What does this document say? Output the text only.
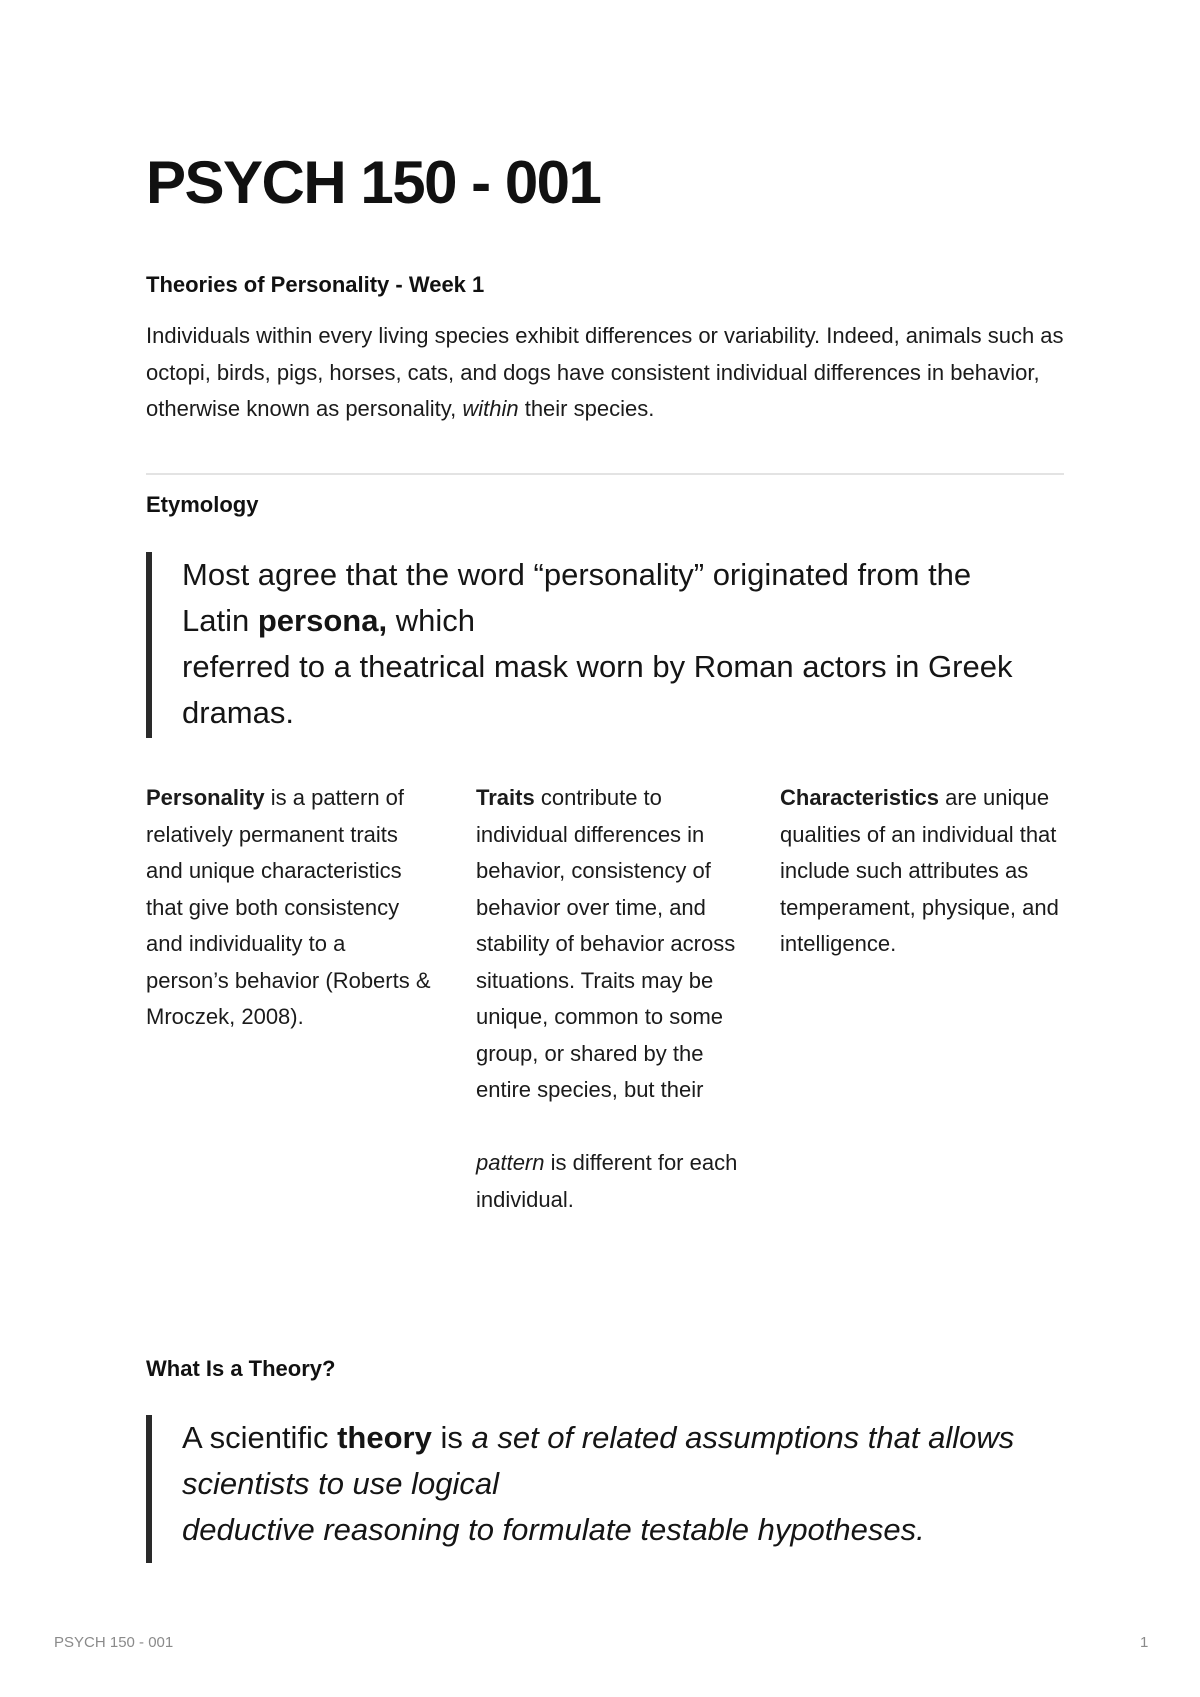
PSYCH 150 - 001

Theories of Personality - Week 1

Individuals within every living species exhibit differences or variability. Indeed, animals such as octopi, birds, pigs, horses, cats, and dogs have consistent individual differences in behavior, otherwise known as personality, within their species.

Etymology

Most agree that the word “personality” originated from the

Latin persona, which

referred to a theatrical mask worn by Roman actors in Greek dramas.

Personality is a pattern of relatively permanent traits and unique characteristics that give both consistency and individuality to a person’s behavior (Roberts & Mroczek, 2008).

Traits contribute to individual differences in behavior, consistency of behavior over time, and stability of behavior across situations. Traits may be unique, common to some group, or shared by the entire species, but their

pattern is different for each individual.

Characteristics are unique qualities of an individual that include such attributes as temperament, physique, and intelligence.

What Is a Theory?

A scientific theory is a set of related assumptions that allows scientists to use logical

deductive reasoning to formulate testable hypotheses.

PSYCH 150 - 001	1
